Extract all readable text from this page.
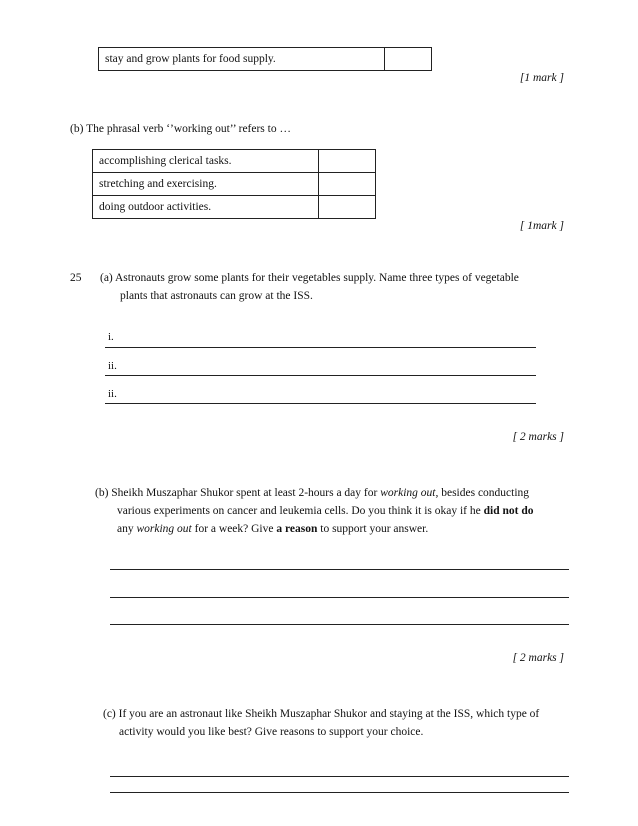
stay and grow plants for food supply.	
[1 mark ]
(b) The phrasal verb ‘’working out’’ refers to …
accomplishing clerical tasks.	
stretching and exercising.	
doing outdoor activities.	
[ 1mark ]
25 (a) Astronauts grow some plants for their vegetables supply. Name three types of vegetable
plants that astronauts can grow at the ISS.
i.
ii.
ii.
[ 2 marks ]
(b) Sheikh Muszaphar Shukor spent at least 2-hours a day for working out, besides conducting
various experiments on cancer and leukemia cells. Do you think it is okay if he did not do
any working out for a week? Give a reason to support your answer.
[ 2 marks ]
(c) If you are an astronaut like Sheikh Muszaphar Shukor and staying at the ISS, which type of
activity would you like best? Give reasons to support your choice.
